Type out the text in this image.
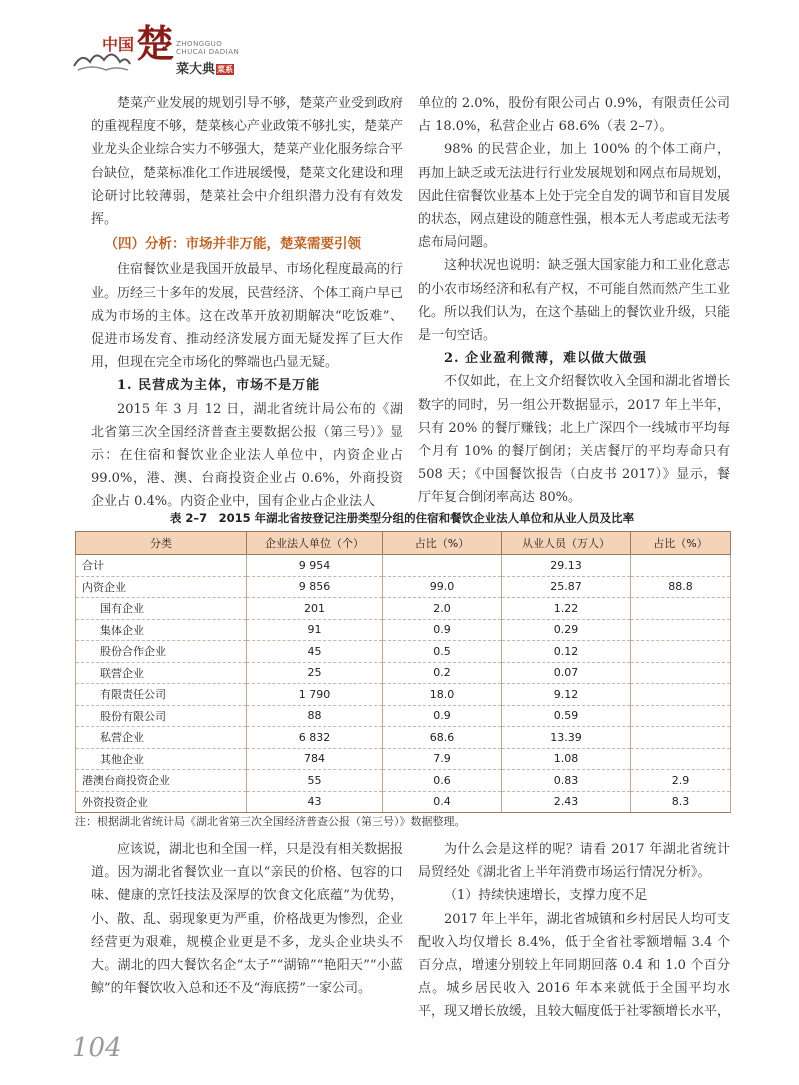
中国 楚 ZHONGGUO
CHUCAI DADIAN
菜大典 菜系

楚菜产业发展的规划引导不够，楚菜产业受到政府的重视程度不够，楚菜核心产业政策不够扎实，楚菜产业龙头企业综合实力不够强大，楚菜产业化服务综合平台缺位，楚菜标准化工作进展缓慢，楚菜文化建设和理论研讨比较薄弱，楚菜社会中介组织潜力没有有效发挥。

（四）分析：市场并非万能，楚菜需要引领

住宿餐饮业是我国开放最早、市场化程度最高的行业。历经三十多年的发展，民营经济、个体工商户早已成为市场的主体。这在改革开放初期解决“吃饭难”、促进市场发育、推动经济发展方面无疑发挥了巨大作用，但现在完全市场化的弊端也凸显无疑。

1. 民营成为主体，市场不是万能

2015 年 3 月 12 日，湖北省统计局公布的《湖北省第三次全国经济普查主要数据公报（第三号）》显示：在住宿和餐饮业企业法人单位中，内资企业占 99.0%，港、澳、台商投资企业占 0.6%，外商投资企业占 0.4%。内资企业中，国有企业占企业法人

单位的 2.0%，股份有限公司占 0.9%，有限责任公司占 18.0%，私营企业占 68.6%（表 2–7）。

98% 的民营企业，加上 100% 的个体工商户，再加上缺乏或无法进行行业发展规划和网点布局规划，因此住宿餐饮业基本上处于完全自发的调节和盲目发展的状态，网点建设的随意性强，根本无人考虑或无法考虑布局问题。

这种状况也说明：缺乏强大国家能力和工业化意志的小农市场经济和私有产权，不可能自然而然产生工业化。所以我们认为，在这个基础上的餐饮业升级，只能是一句空话。

2. 企业盈利微薄，难以做大做强

不仅如此，在上文介绍餐饮收入全国和湖北省增长数字的同时，另一组公开数据显示，2017 年上半年，只有 20% 的餐厅赚钱；北上广深四个一线城市平均每个月有 10% 的餐厅倒闭；关店餐厅的平均寿命只有 508 天；《中国餐饮报告（白皮书 2017）》显示，餐厅年复合倒闭率高达 80%。

表 2–7　2015 年湖北省按登记注册类型分组的住宿和餐饮企业法人单位和从业人员及比率
分类	企业法人单位（个）	占比（%）	从业人员（万人）	占比（%）
合计	9 954		29.13	
内资企业	9 856	99.0	25.87	88.8
国有企业	201	2.0	1.22	
集体企业	91	0.9	0.29	
股份合作企业	45	0.5	0.12	
联营企业	25	0.2	0.07	
有限责任公司	1 790	18.0	9.12	
股份有限公司	88	0.9	0.59	
私营企业	6 832	68.6	13.39	
其他企业	784	7.9	1.08	
港澳台商投资企业	55	0.6	0.83	2.9
外资投资企业	43	0.4	2.43	8.3
注：根据湖北省统计局《湖北省第三次全国经济普查公报（第三号）》数据整理。

应该说，湖北也和全国一样，只是没有相关数据报道。因为湖北省餐饮业一直以“亲民的价格、包容的口味、健康的烹饪技法及深厚的饮食文化底蕴”为优势，小、散、乱、弱现象更为严重，价格战更为惨烈，企业经营更为艰难，规模企业更是不多，龙头企业块头不大。湖北的四大餐饮名企“太子”“湖锦”“艳阳天”“小蓝鲸”的年餐饮收入总和还不及“海底捞”一家公司。

为什么会是这样的呢？请看 2017 年湖北省统计局贸经处《湖北省上半年消费市场运行情况分析》。

（1）持续快速增长，支撑力度不足

2017 年上半年，湖北省城镇和乡村居民人均可支配收入均仅增长 8.4%，低于全省社零额增幅 3.4 个百分点，增速分别较上年同期回落 0.4 和 1.0 个百分点。城乡居民收入 2016 年本来就低于全国平均水平，现又增长放缓，且较大幅度低于社零额增长水平，

104
